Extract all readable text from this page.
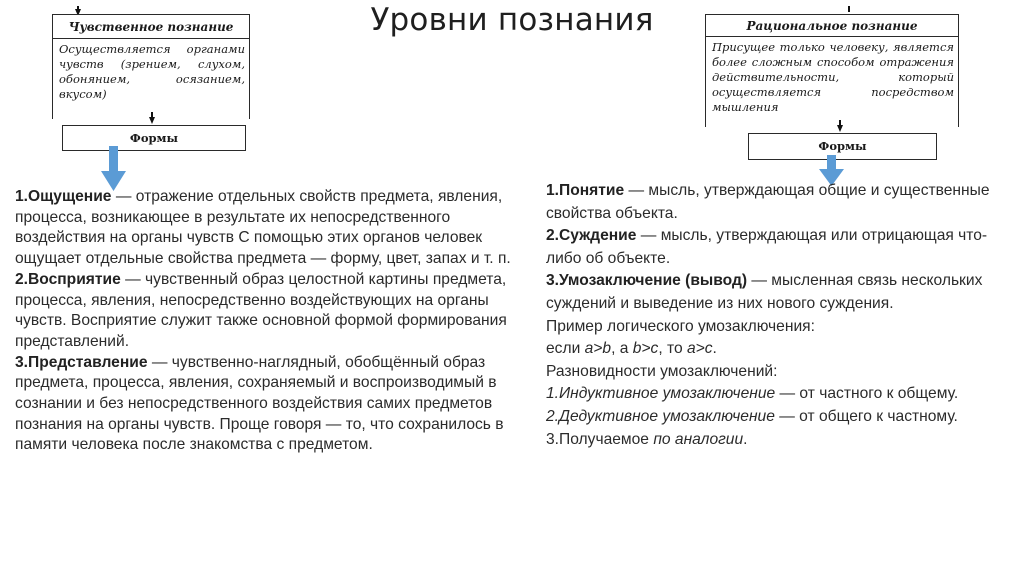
Уровни познания
Чувственное познание
Осуществляется органами чувств (зрением, слухом, обонянием, осязанием, вкусом)
Формы
Рациональное познание
Присущее только человеку, является более сложным способом отражения действительности, который осуществляется посредством мышления
Формы
1.Ощущение — отражение отдельных свойств предмета, явления, процесса, возникающее в результате их непосредственного воздействия на органы чувств С помощью этих органов человек ощущает отдельные свойства предмета — форму, цвет, запах и т. п.
2.Восприятие — чувственный образ целостной картины предмета, процесса, явления, непосредственно воздействующих на органы чувств. Восприятие служит также основной формой формирования представлений.
3.Представление — чувственно-наглядный, обобщённый образ предмета, процесса, явления, сохраняемый и воспроизводимый в сознании и без непосредственного воздействия самих предметов познания на органы чувств. Проще говоря — то, что сохранилось в памяти человека после знакомства с предметом.
1.Понятие — мысль, утверждающая общие и существенные свойства объекта.
2.Суждение — мысль, утверждающая или отрицающая что-либо об объекте.
3.Умозаключение (вывод) — мысленная связь нескольких суждений и выведение из них нового суждения.
Пример логического умозаключения:
если a>b, а b>c, то a>c.
Разновидности умозаключений:
1.Индуктивное умозаключение — от частного к общему.
2.Дедуктивное умозаключение — от общего к частному.
3.Получаемое по аналогии.
